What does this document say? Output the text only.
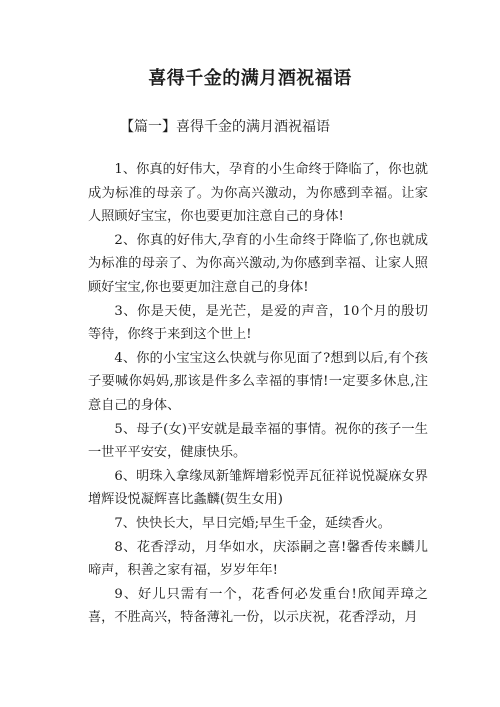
喜得千金的满月酒祝福语
【篇一】喜得千金的满月酒祝福语

1、你真的好伟大，孕育的小生命终于降临了，你也就成为标准的母亲了。为你高兴激动，为你感到幸福。让家人照顾好宝宝，你也要更加注意自己的身体!

2、你真的好伟大,孕育的小生命终于降临了,你也就成为标准的母亲了、为你高兴激动,为你感到幸福、让家人照顾好宝宝,你也要更加注意自己的身体!

3、你是天使，是光芒，是爱的声音，10个月的殷切等待，你终于来到这个世上!

4、你的小宝宝这么快就与你见面了?想到以后,有个孩子要喊你妈妈,那该是件多么幸福的事情!一定要多休息,注意自己的身体、

5、母子(女)平安就是最幸福的事情。祝你的孩子一生一世平平安安，健康快乐。

6、明珠入拿缘凤新雏辉增彩悦弄瓦征祥说悦凝庥女界增辉设悦凝辉喜比螽麟(贺生女用)

7、快快长大，早日完婚;早生千金，延续香火。

8、花香浮动，月华如水，庆添嗣之喜!馨香传来麟儿啼声，积善之家有福，岁岁年年!

9、好儿只需有一个，花香何必发重台!欣闻弄璋之喜，不胜高兴，特备薄礼一份，以示庆祝，花香浮动，月
